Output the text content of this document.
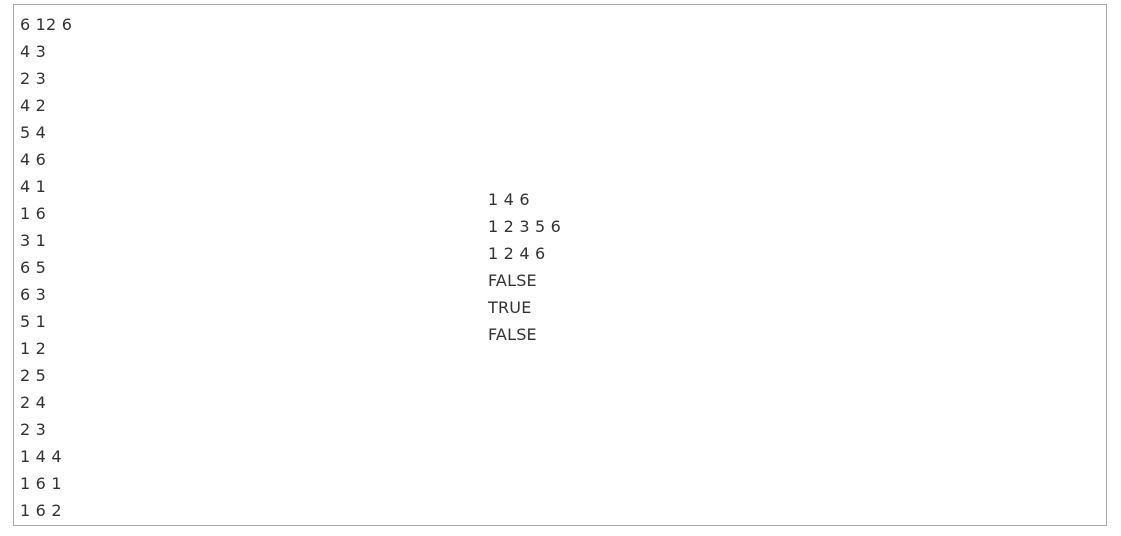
6 12 6
4 3
2 3
4 2
5 4
4 6
4 1
1 6
3 1
6 5
6 3
5 1
1 2
2 5
2 4
2 3
1 4 4
1 6 1
1 6 2
1 4 6
1 2 3 5 6
1 2 4 6
FALSE
TRUE
FALSE
